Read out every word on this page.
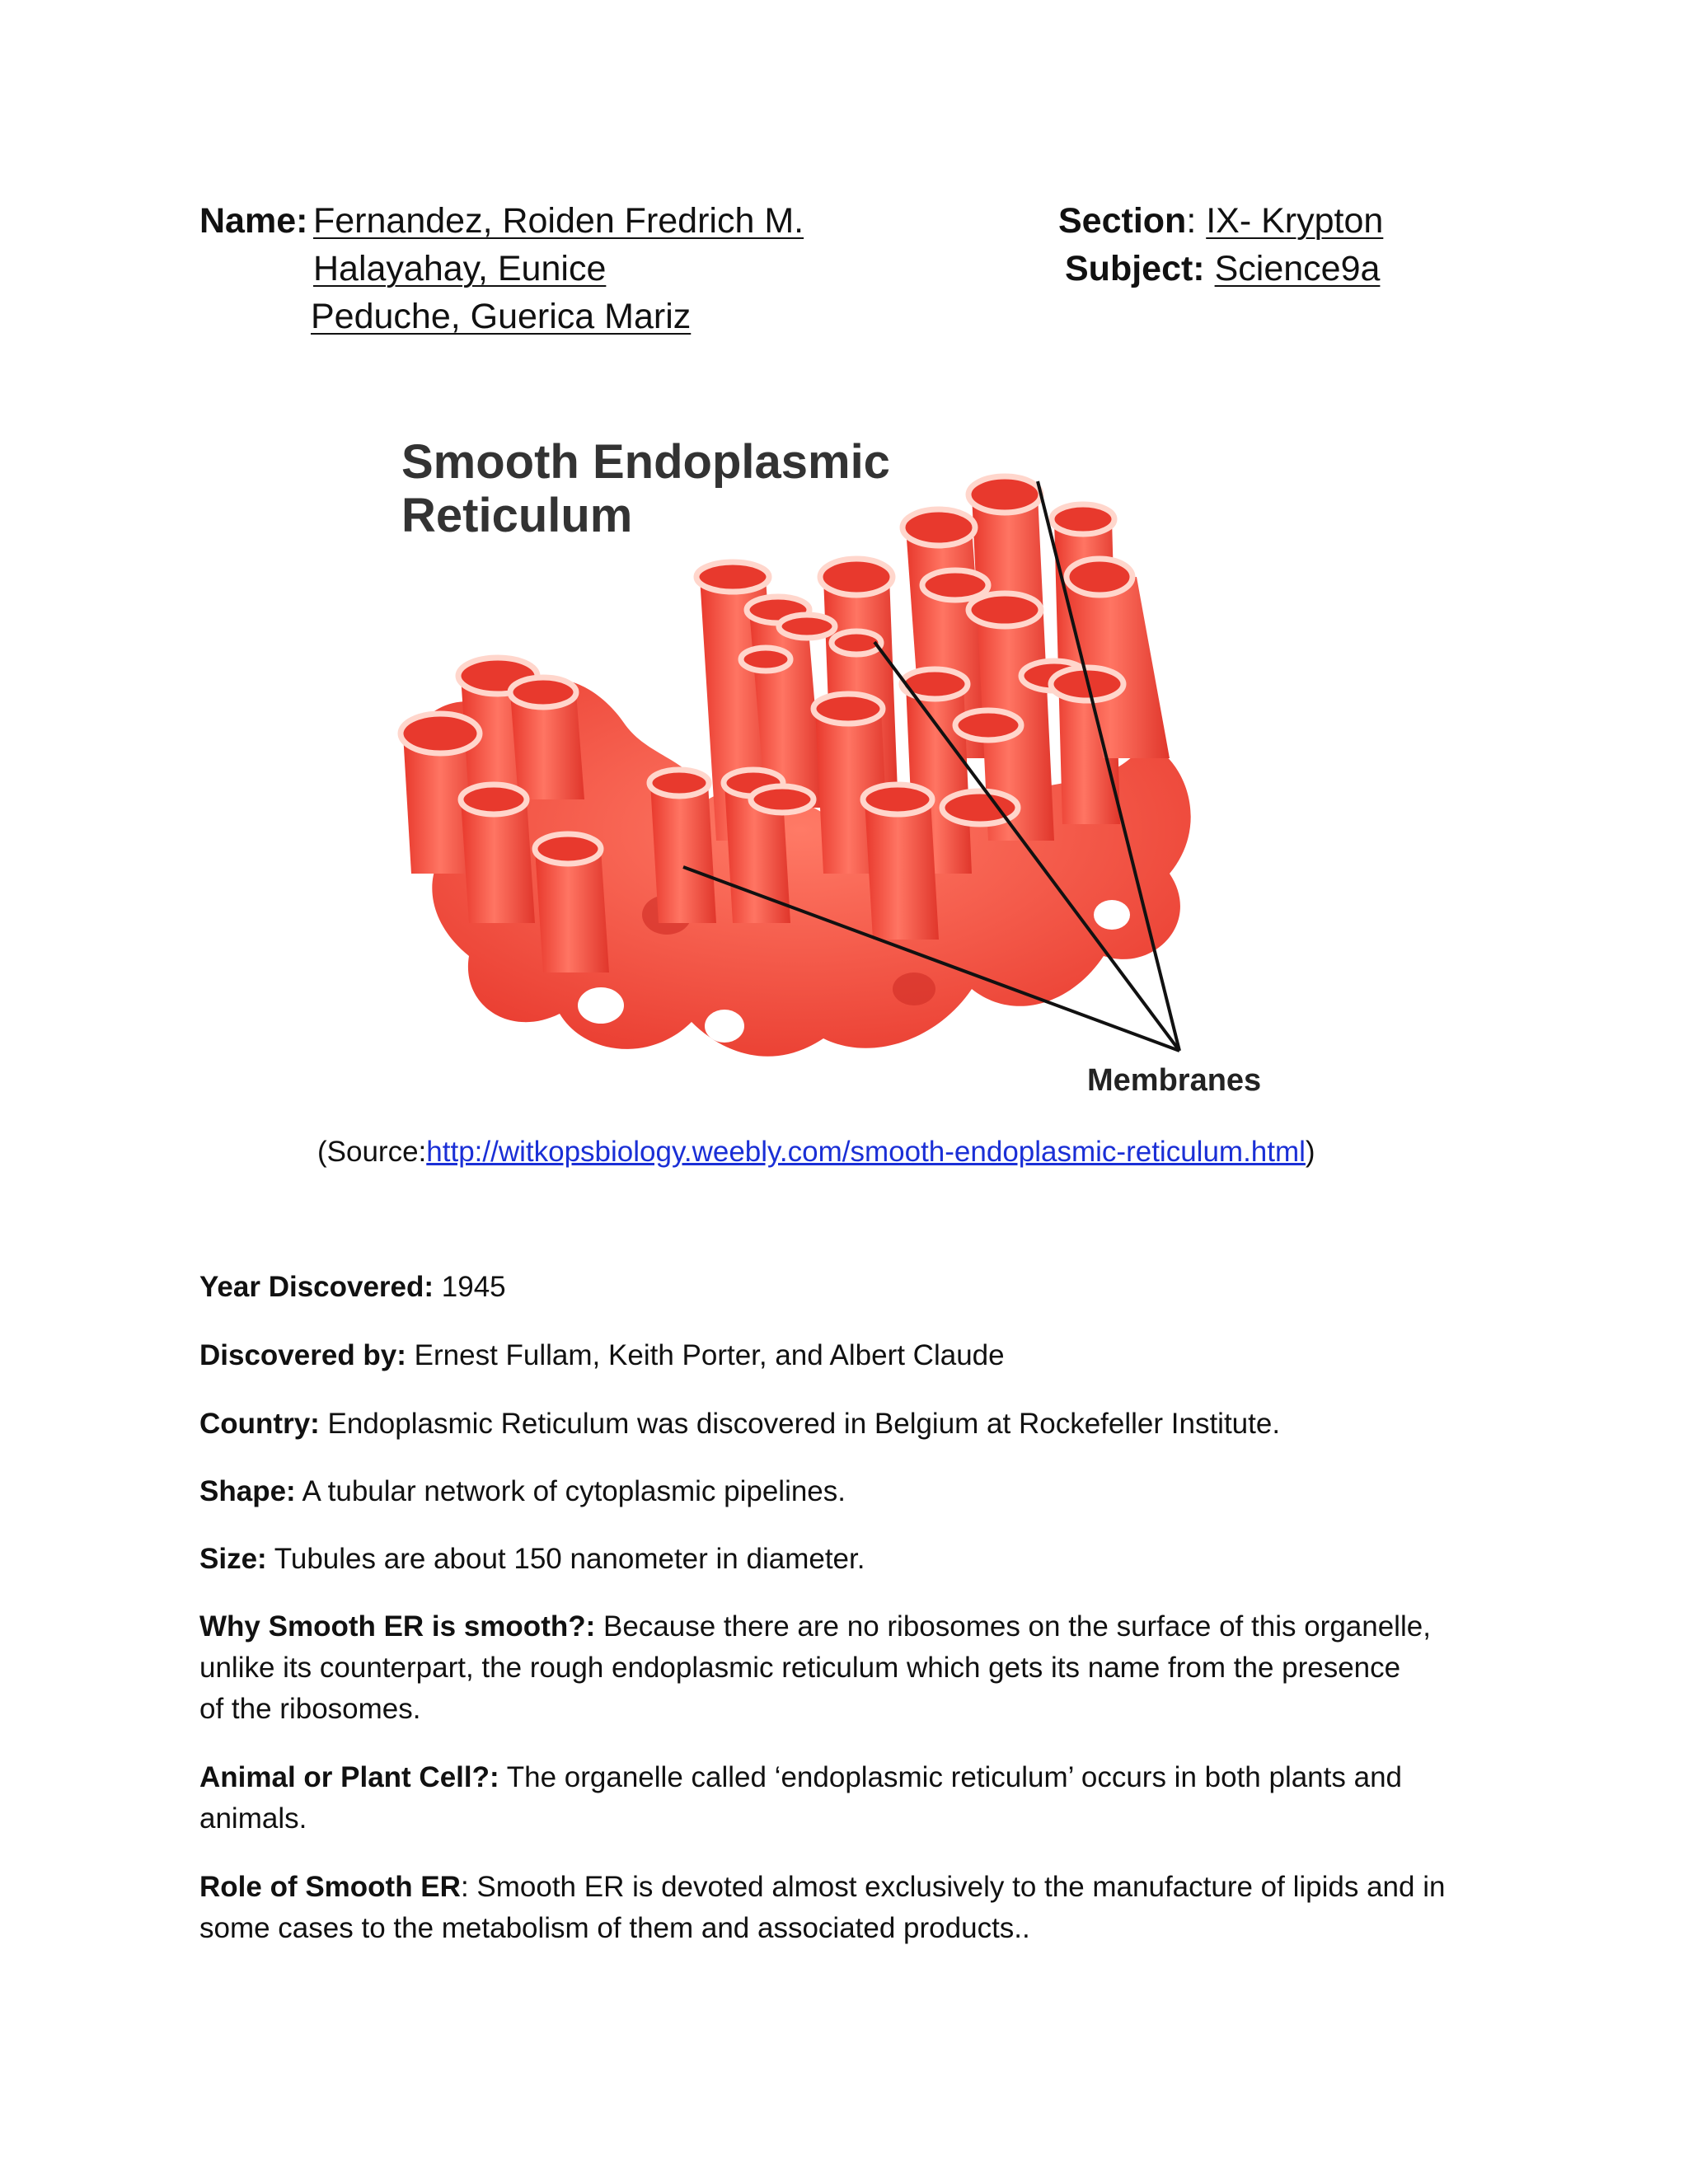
Name: Fernandez, Roiden Fredrich M.
Halayahay, Eunice
Peduche, Guerica Mariz
Section: IX- Krypton
Subject: Science9a
Smooth Endoplasmic
Reticulum
Membranes
(Source:http://witkopsbiology.weebly.com/smooth-endoplasmic-reticulum.html)
Year Discovered: 1945
Discovered by: Ernest Fullam, Keith Porter, and Albert Claude
Country: Endoplasmic Reticulum was discovered in Belgium at Rockefeller Institute.
Shape: A tubular network of cytoplasmic pipelines.
Size: Tubules are about 150 nanometer in diameter.
Why Smooth ER is smooth?: Because there are no ribosomes on the surface of this organelle,
unlike its counterpart, the rough endoplasmic reticulum which gets its name from the presence
of the ribosomes.
Animal or Plant Cell?: The organelle called ‘endoplasmic reticulum’ occurs in both plants and
animals.
Role of Smooth ER: Smooth ER is devoted almost exclusively to the manufacture of lipids and in
some cases to the metabolism of them and associated products..
